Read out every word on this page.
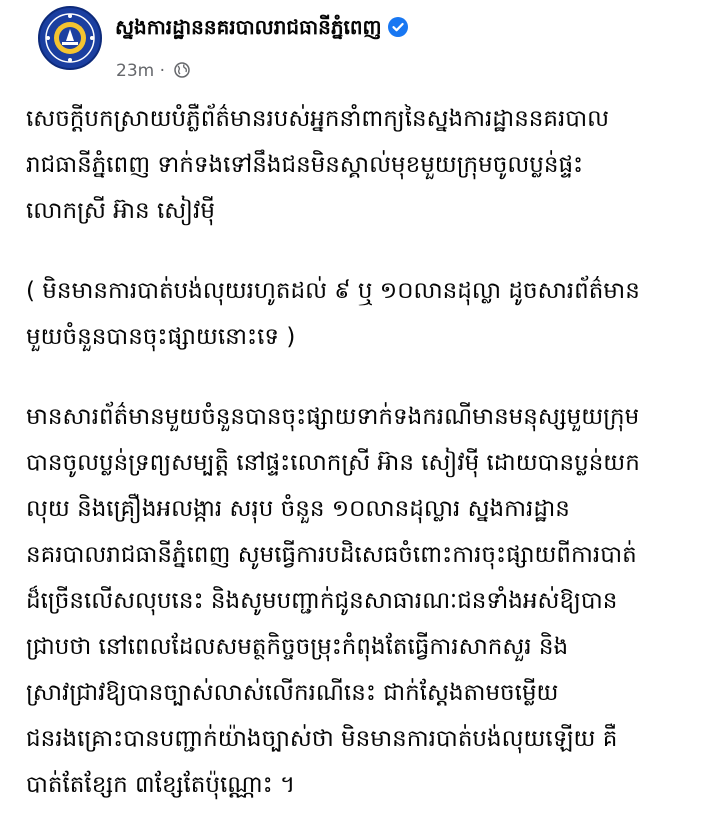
ស្នងការដ្ឋាននគរបាលរាជធានីភ្នំពេញ
23m ·
សេចក្ដីបកស្រាយបំភ្លឺព័ត៌មានរបស់អ្នកនាំពាក្យនៃស្នងការដ្ឋាននគរបាល
រាជធានីភ្នំពេញ ទាក់ទងទៅនឹងជនមិនស្គាល់មុខមួយក្រុមចូលប្លន់ផ្ទះ
លោកស្រី អ៊ាន សៀវម៉ី
( មិនមានការបាត់បង់លុយរហូតដល់ ៩ ឬ ១០លានដុល្លា ដូចសារព័ត៌មាន
មួយចំនួនបានចុះផ្សាយនោះទេ )
មានសារព័ត៌មានមួយចំនួនបានចុះផ្សាយទាក់ទងករណីមានមនុស្សមួយក្រុម
បានចូលប្លន់ទ្រព្យសម្បត្តិ នៅផ្ទះលោកស្រី អ៊ាន សៀវម៉ី ដោយបានប្លន់យក
លុយ និងគ្រឿងអលង្ការ សរុប ចំនួន ១០លានដុល្លារ ស្នងការដ្ឋាន
នគរបាលរាជធានីភ្នំពេញ សូមធ្វើការបដិសេធចំពោះការចុះផ្សាយពីការបាត់
ដ៏ច្រើនលើសលុបនេះ និងសូមបញ្ជាក់ជូនសាធារណៈជនទាំងអស់ឱ្យបាន
ជ្រាបថា នៅពេលដែលសមត្ថកិច្ចចម្រុះកំពុងតែធ្វើការសាកសួរ និង
ស្រាវជ្រាវឱ្យបានច្បាស់លាស់លើករណីនេះ ជាក់ស្ដែងតាមចម្លើយ
ជនរងគ្រោះបានបញ្ជាក់យ៉ាងច្បាស់ថា មិនមានការបាត់បង់លុយឡើយ គឺ
បាត់តែខ្សែក ៣ខ្សែតែប៉ុណ្ណោះ ។
